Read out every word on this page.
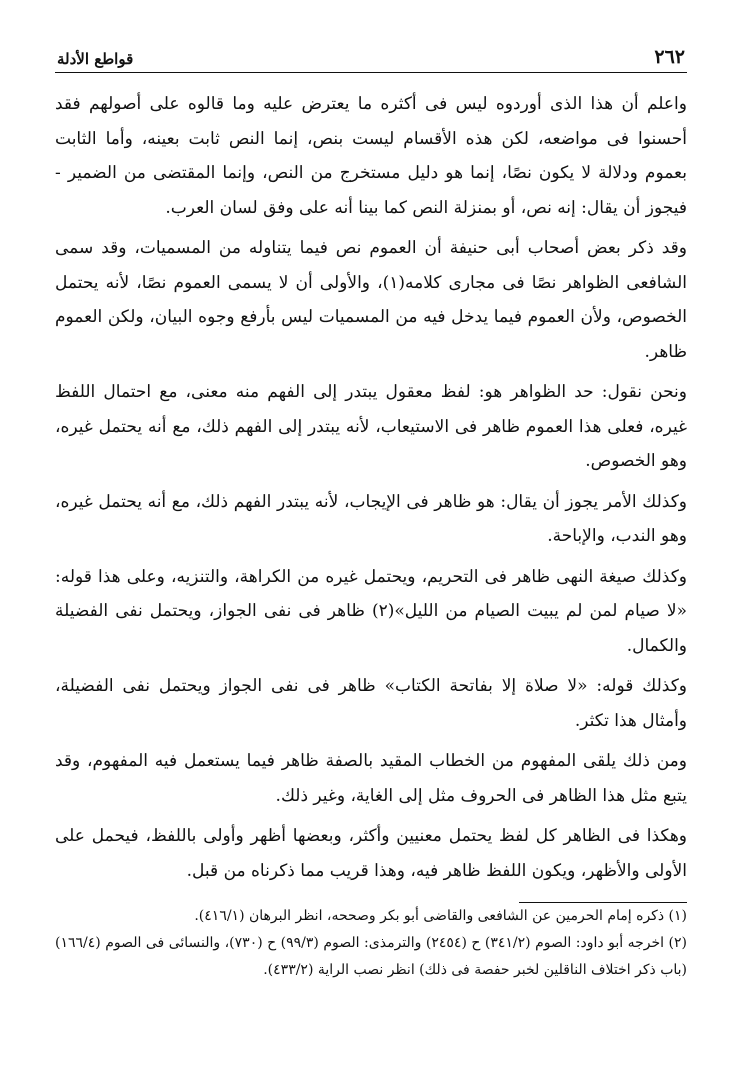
٢٦٢
قواطع الأدلة

واعلم أن هذا الذى أوردوه ليس فى أكثره ما يعترض عليه وما قالوه على أصولهم فقد أحسنوا فى مواضعه، لكن هذه الأقسام ليست بنص، إنما النص ثابت بعينه، وأما الثابت بعموم ودلالة لا يكون نصًا، إنما هو دليل مستخرج من النص، وإنما المقتضى من الضمير - فيجوز أن يقال: إنه نص، أو بمنزلة النص كما بينا أنه على وفق لسان العرب.

وقد ذكر بعض أصحاب أبى حنيفة أن العموم نص فيما يتناوله من المسميات، وقد سمى الشافعى الظواهر نصًا فى مجارى كلامه(١)، والأولى أن لا يسمى العموم نصًا، لأنه يحتمل الخصوص، ولأن العموم فيما يدخل فيه من المسميات ليس بأرفع وجوه البيان، ولكن العموم ظاهر.

ونحن نقول: حد الظواهر هو: لفظ معقول يبتدر إلى الفهم منه معنى، مع احتمال اللفظ غيره، فعلى هذا العموم ظاهر فى الاستيعاب، لأنه يبتدر إلى الفهم ذلك، مع أنه يحتمل غيره، وهو الخصوص.

وكذلك الأمر يجوز أن يقال: هو ظاهر فى الإيجاب، لأنه يبتدر الفهم ذلك، مع أنه يحتمل غيره، وهو الندب، والإباحة.

وكذلك صيغة النهى ظاهر فى التحريم، ويحتمل غيره من الكراهة، والتنزيه، وعلى هذا قوله: «لا صيام لمن لم يبيت الصيام من الليل»(٢) ظاهر فى نفى الجواز، ويحتمل نفى الفضيلة والكمال.

وكذلك قوله: «لا صلاة إلا بفاتحة الكتاب» ظاهر فى نفى الجواز ويحتمل نفى الفضيلة، وأمثال هذا تكثر.

ومن ذلك يلقى المفهوم من الخطاب المقيد بالصفة ظاهر فيما يستعمل فيه المفهوم، وقد يتبع مثل هذا الظاهر فى الحروف مثل إلى الغاية، وغير ذلك.

وهكذا فى الظاهر كل لفظ يحتمل معنيين وأكثر، وبعضها أظهر وأولى باللفظ، فيحمل على الأولى والأظهر، ويكون اللفظ ظاهر فيه، وهذا قريب مما ذكرناه من قبل.

(١) ذكره إمام الحرمين عن الشافعى والقاضى أبو بكر وصححه، انظر البرهان (٤١٦/١).

(٢) اخرجه أبو داود: الصوم (٣٤١/٢) ح (٢٤٥٤) والترمذى: الصوم (٩٩/٣) ح (٧٣٠)، والنسائى فى الصوم (١٦٦/٤) (باب ذكر اختلاف الناقلين لخبر حفصة فى ذلك) انظر نصب الراية (٤٣٣/٢).
